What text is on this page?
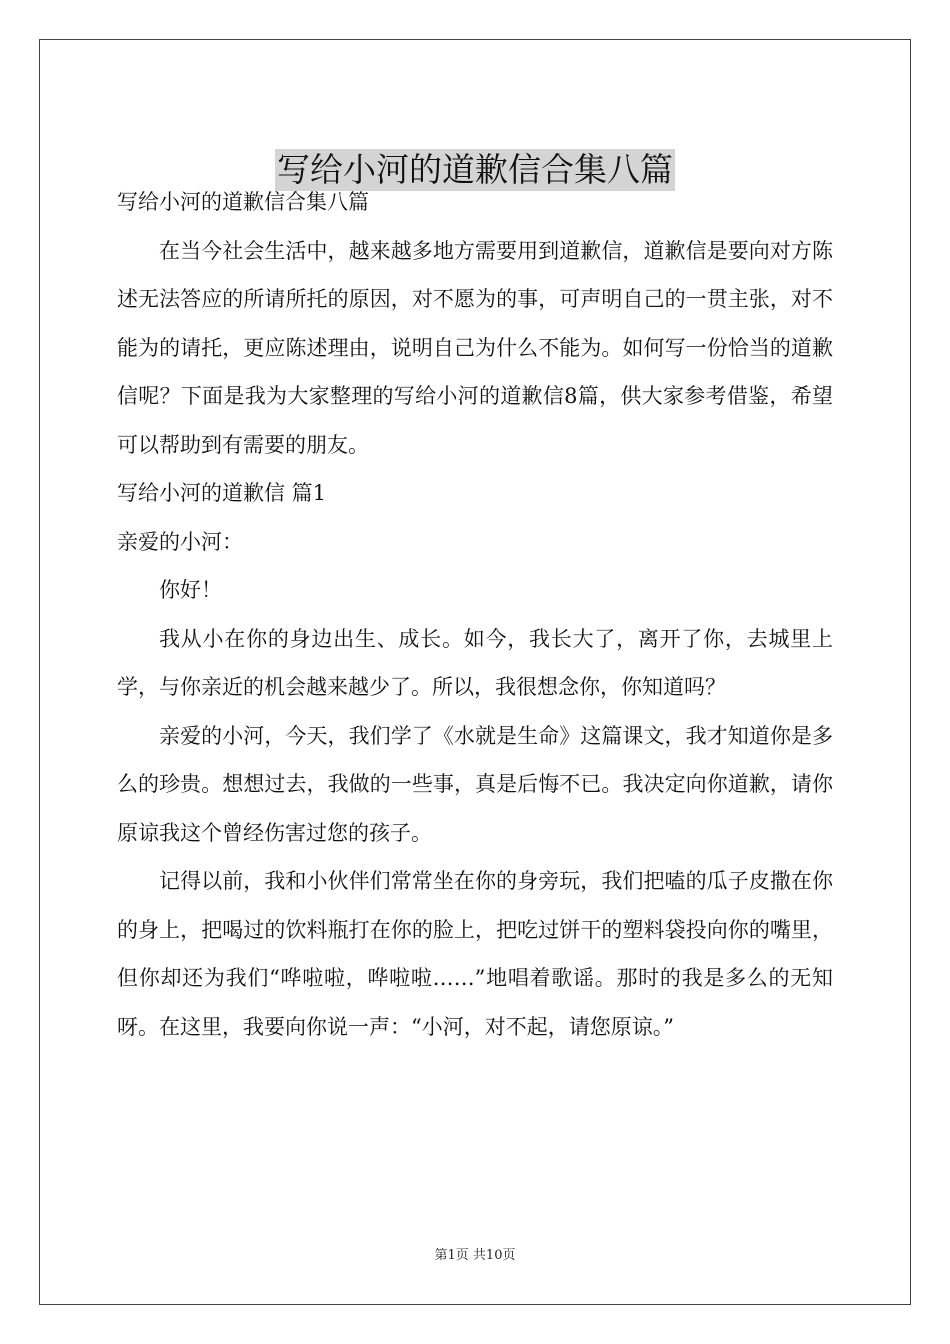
写给小河的道歉信合集八篇

写给小河的道歉信合集八篇

在当今社会生活中，越来越多地方需要用到道歉信，道歉信是要向对方陈述无法答应的所请所托的原因，对不愿为的事，可声明自己的一贯主张，对不能为的请托，更应陈述理由，说明自己为什么不能为。如何写一份恰当的道歉信呢？下面是我为大家整理的写给小河的道歉信8篇，供大家参考借鉴，希望可以帮助到有需要的朋友。

写给小河的道歉信 篇1

亲爱的小河：

你好！

我从小在你的身边出生、成长。如今，我长大了，离开了你，去城里上学，与你亲近的机会越来越少了。所以，我很想念你，你知道吗？

亲爱的小河，今天，我们学了《水就是生命》这篇课文，我才知道你是多么的珍贵。想想过去，我做的一些事，真是后悔不已。我决定向你道歉，请你原谅我这个曾经伤害过您的孩子。

记得以前，我和小伙伴们常常坐在你的身旁玩，我们把嗑的瓜子皮撒在你的身上，把喝过的饮料瓶打在你的脸上，把吃过饼干的塑料袋投向你的嘴里，但你却还为我们“哗啦啦，哗啦啦……”地唱着歌谣。那时的我是多么的无知呀。在这里，我要向你说一声：“小河，对不起，请您原谅。”

第1页 共10页
